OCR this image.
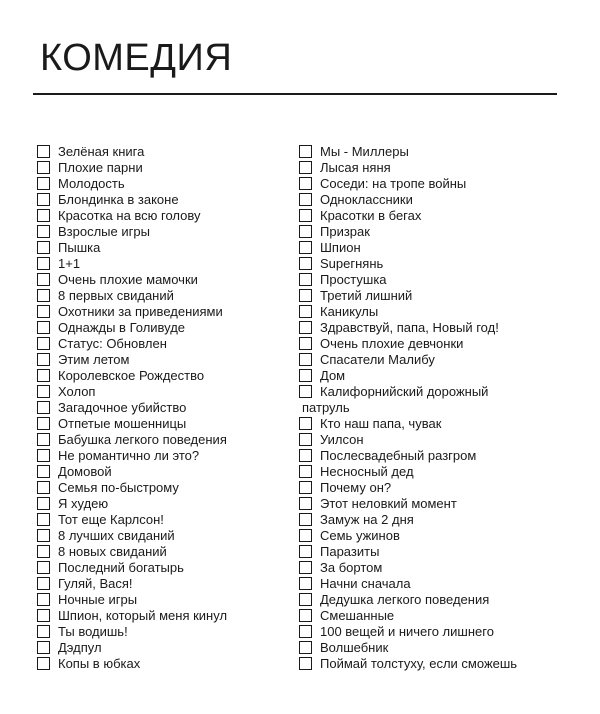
КОМЕДИЯ
Зелёная книга
Плохие парни
Молодость
Блондинка в законе
Красотка на всю голову
Взрослые игры
Пышка
1+1
Очень плохие мамочки
8 первых свиданий
Охотники за приведениями
Однажды в Голивуде
Статус: Обновлен
Этим летом
Королевское Рождество
Холоп
Загадочное убийство
Отпетые мошенницы
Бабушка легкого поведения
Не романтично ли это?
Домовой
Семья по-быстрому
Я худею
Тот еще Карлсон!
8 лучших свиданий
8 новых свиданий
Последний богатырь
Гуляй, Вася!
Ночные игры
Шпион, который меня кинул
Ты водишь!
Дэдпул
Копы в юбках
Мы - Миллеры
Лысая няня
Соседи: на тропе войны
Одноклассники
Красотки в бегах
Призрак
Шпион
Supегнянь
Простушка
Третий лишний
Каникулы
Здравствуй, папа, Новый год!
Очень плохие девчонки
Спасатели Малибу
Дом
Калифорнийский дорожный патруль
Кто наш папа, чувак
Уилсон
Послесвадебный разгром
Несносный дед
Почему он?
Этот неловкий момент
Замуж на 2 дня
Семь ужинов
Паразиты
За бортом
Начни сначала
Дедушка легкого поведения
Смешанные
100 вещей и ничего лишнего
Волшебник
Поймай толстуху, если сможешь
